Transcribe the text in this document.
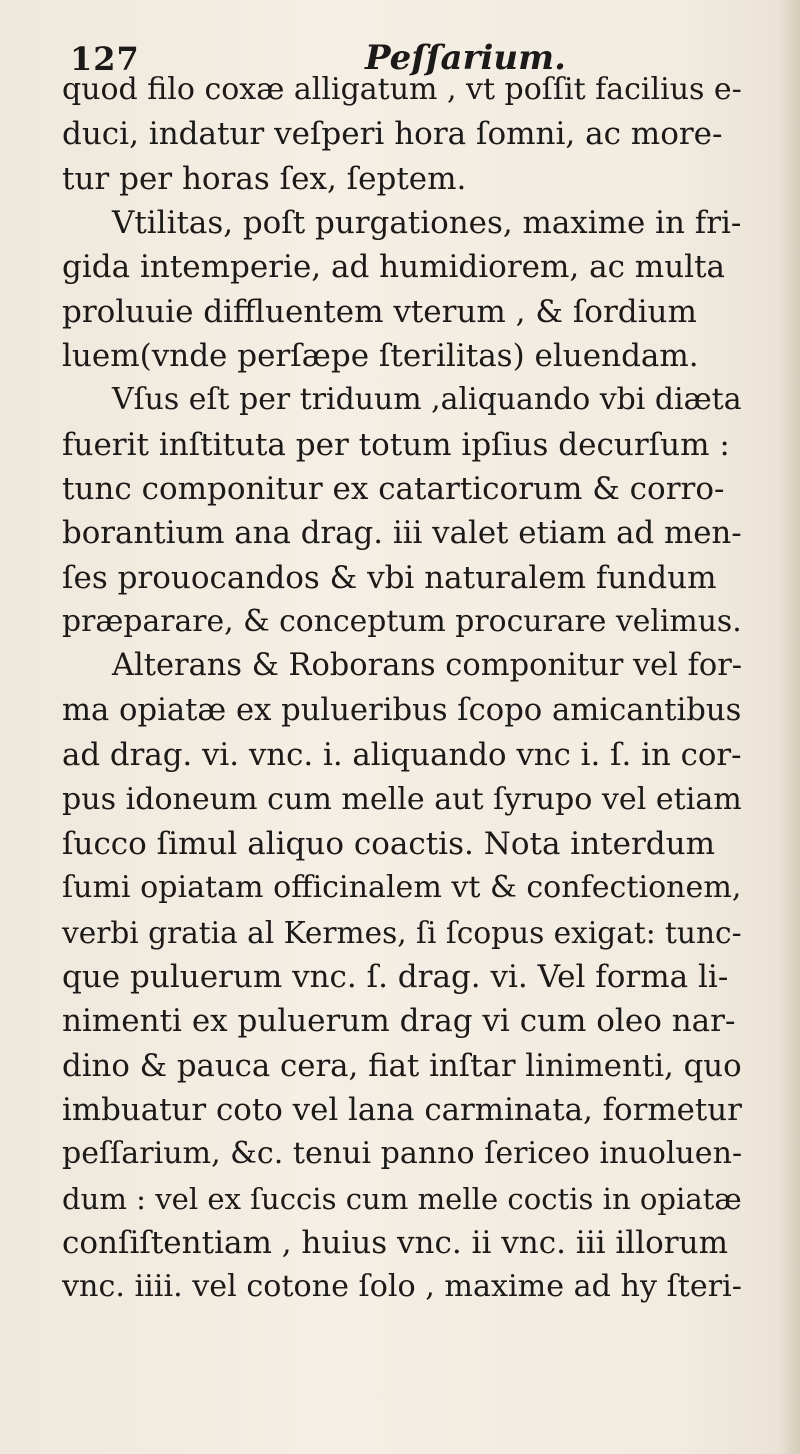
127	Peſſarium.
quod filo coxæ alligatum , vt poſſit facilius e-
duci, indatur veſperi hora ſomni, ac more-
tur per horas ſex, ſeptem.
Vtilitas, poſt purgationes, maxime in fri-
gida intemperie, ad humidiorem, ac multa
proluuie diffluentem vterum , & ſordium
luem(vnde perſæpe ſterilitas) eluendam.
Vſus eſt per triduum ,aliquando vbi diæta
fuerit inſtituta per totum ipſius decurſum :
tunc componitur ex catarticorum & corro-
borantium ana drag. iii valet etiam ad men-
ſes prouocandos & vbi naturalem fundum
præparare, & conceptum procurare velimus.
Alterans & Roborans componitur vel for-
ma opiatæ ex pulueribus ſcopo amicantibus
ad drag. vi. vnc. i. aliquando vnc i. ſ. in cor-
pus idoneum cum melle aut ſyrupo vel etiam
ſucco ſimul aliquo coactis. Nota interdum
ſumi opiatam officinalem vt & confectionem,
verbi gratia al Kermes, ſi ſcopus exigat: tunc-
que puluerum vnc. ſ. drag. vi. Vel forma li-
nimenti ex puluerum drag vi cum oleo nar-
dino & pauca cera, fiat inſtar linimenti, quo
imbuatur coto vel lana carminata, formetur
peſſarium, &c. tenui panno ſericeo inuoluen-
dum : vel ex ſuccis cum melle coctis in opiatæ
conſiſtentiam , huius vnc. ii vnc. iii illorum
vnc. iiii. vel cotone ſolo , maxime ad hy ſteri-
